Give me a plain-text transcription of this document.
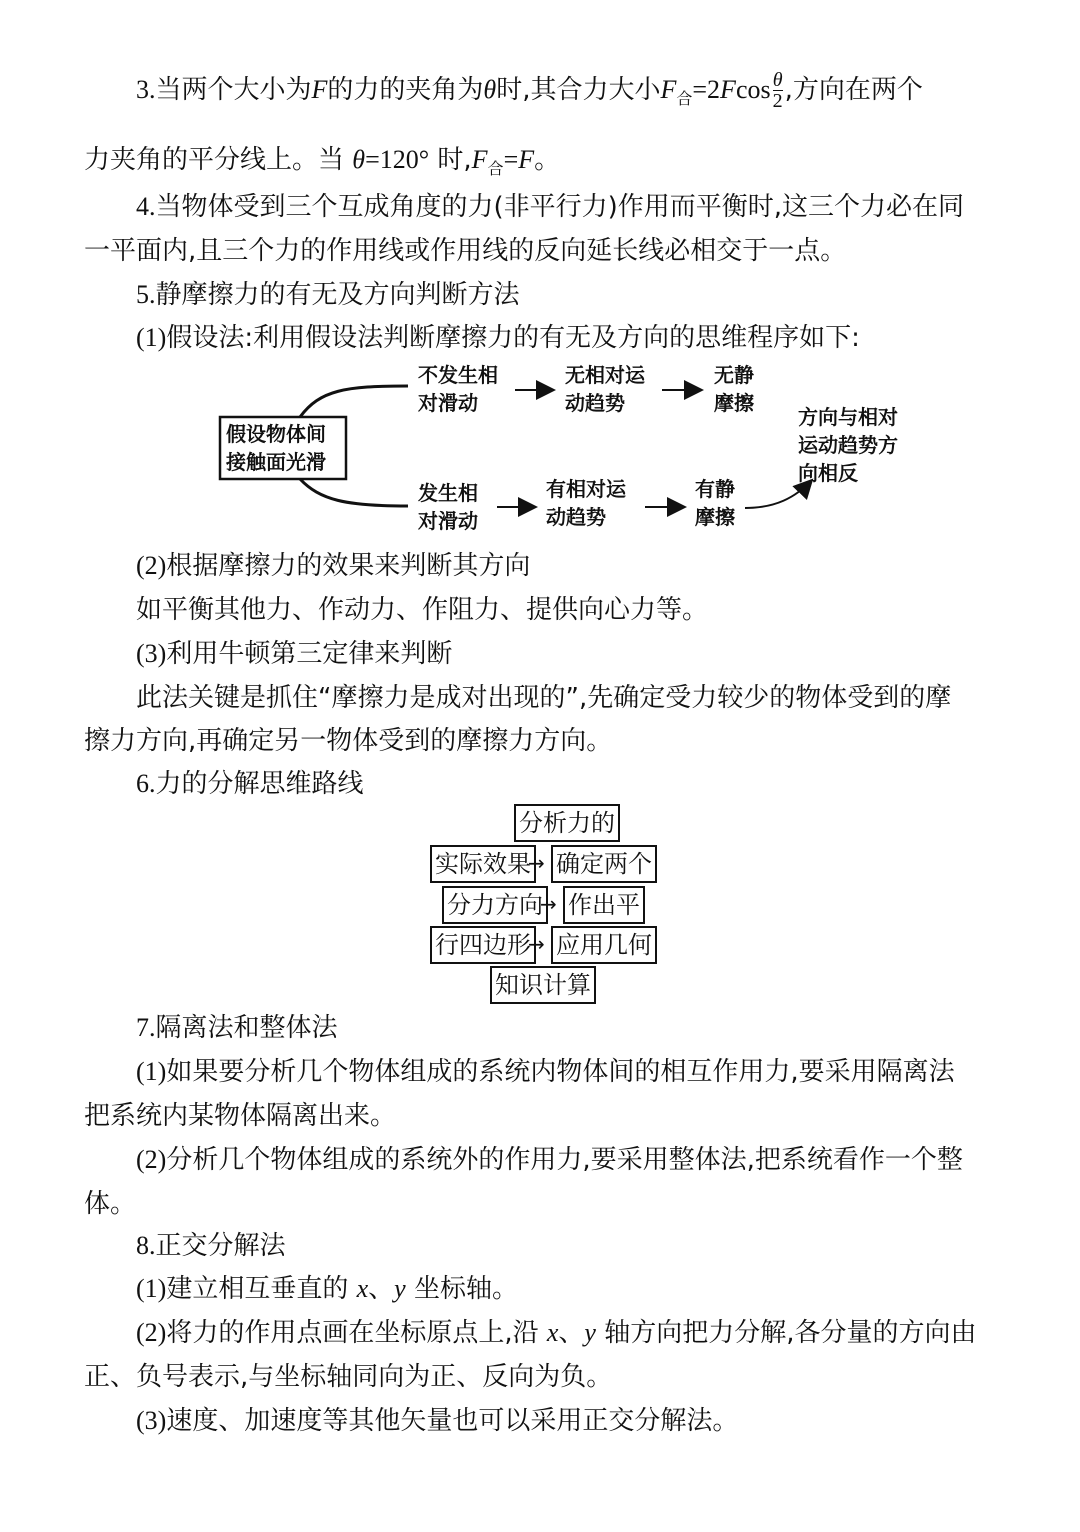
3.当两个大小为F的力的夹角为θ时,其合力大小$F_合=2Fcos \frac{\theta}{2}$ ,方向在两个
力夹角的平分线上。当 θ=120° 时$,F_合=F$。
4.当物体受到三个互成角度的力(非平行力)作用而平衡时,这三个力必在同
一平面内,且三个力的作用线或作用线的反向延长线必相交于一点。
5.静摩擦力的有无及方向判断方法
(1)假设法:利用假设法判断摩擦力的有无及方向的思维程序如下:
假设物体间
接触面光滑
不发生相
对滑动
无相对运
动趋势
无静
摩擦
发生相
对滑动
有相对运
动趋势
有静
摩擦
方向与相对
运动趋势方
向相反
(2)根据摩擦力的效果来判断其方向
如平衡其他力、作动力、作阻力、提供向心力等。
(3)利用牛顿第三定律来判断
此法关键是抓住“摩擦力是成对出现的”,先确定受力较少的物体受到的摩
擦力方向,再确定另一物体受到的摩擦力方向。
6.力的分解思维路线
分析力的
实际效果
→ 确定两个
分力方向
→ 作出平
行四边形
→ 应用几何
知识计算
7.隔离法和整体法
(1)如果要分析几个物体组成的系统内物体间的相互作用力,要采用隔离法
把系统内某物体隔离出来。
(2)分析几个物体组成的系统外的作用力,要采用整体法,把系统看作一个整
体。
8.正交分解法
(1)建立相互垂直的 x、y 坐标轴。
(2)将力的作用点画在坐标原点上,沿 x、y 轴方向把力分解,各分量的方向由
正、负号表示,与坐标轴同向为正、反向为负。
(3)速度、加速度等其他矢量也可以采用正交分解法。
